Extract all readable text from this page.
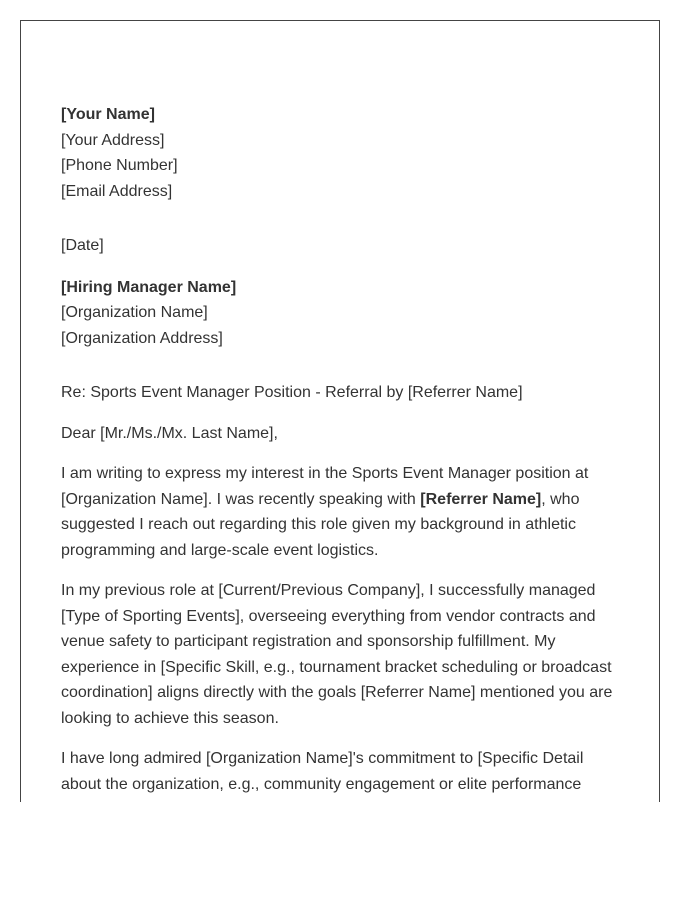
[Your Name]
[Your Address]
[Phone Number]
[Email Address]
[Date]
[Hiring Manager Name]
[Organization Name]
[Organization Address]
Re: Sports Event Manager Position - Referral by [Referrer Name]
Dear [Mr./Ms./Mx. Last Name],

I am writing to express my interest in the Sports Event Manager position at
[Organization Name]. I was recently speaking with [Referrer Name], who
suggested I reach out regarding this role given my background in athletic
programming and large-scale event logistics.

In my previous role at [Current/Previous Company], I successfully managed
[Type of Sporting Events], overseeing everything from vendor contracts and
venue safety to participant registration and sponsorship fulfillment. My
experience in [Specific Skill, e.g., tournament bracket scheduling or broadcast
coordination] aligns directly with the goals [Referrer Name] mentioned you are
looking to achieve this season.

I have long admired [Organization Name]'s commitment to [Specific Detail
about the organization, e.g., community engagement or elite performance
